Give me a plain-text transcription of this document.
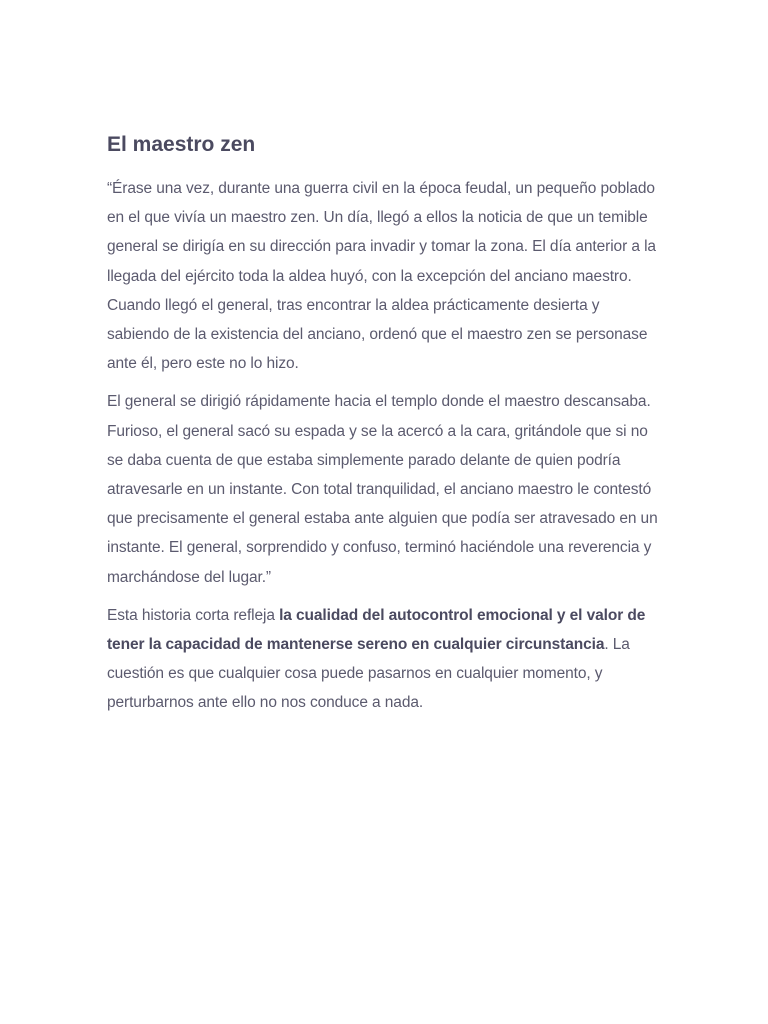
El maestro zen

“Érase una vez, durante una guerra civil en la época feudal, un pequeño poblado en el que vivía un maestro zen. Un día, llegó a ellos la noticia de que un temible general se dirigía en su dirección para invadir y tomar la zona. El día anterior a la llegada del ejército toda la aldea huyó, con la excepción del anciano maestro. Cuando llegó el general, tras encontrar la aldea prácticamente desierta y sabiendo de la existencia del anciano, ordenó que el maestro zen se personase ante él, pero este no lo hizo.

El general se dirigió rápidamente hacia el templo donde el maestro descansaba. Furioso, el general sacó su espada y se la acercó a la cara, gritándole que si no se daba cuenta de que estaba simplemente parado delante de quien podría atravesarle en un instante. Con total tranquilidad, el anciano maestro le contestó que precisamente el general estaba ante alguien que podía ser atravesado en un instante. El general, sorprendido y confuso, terminó haciéndole una reverencia y marchándose del lugar.”

Esta historia corta refleja la cualidad del autocontrol emocional y el valor de tener la capacidad de mantenerse sereno en cualquier circunstancia. La cuestión es que cualquier cosa puede pasarnos en cualquier momento, y perturbarnos ante ello no nos conduce a nada.
